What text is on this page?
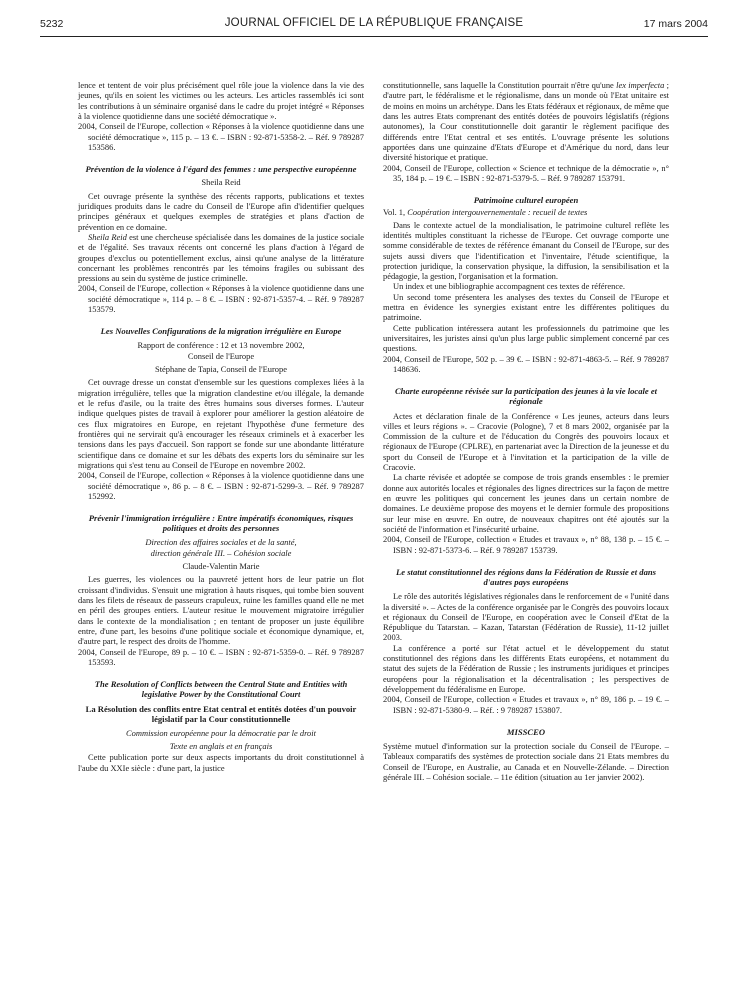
5232	JOURNAL OFFICIEL DE LA RÉPUBLIQUE FRANÇAISE	17 mars 2004

lence et tentent de voir plus précisément quel rôle joue la violence dans la vie des jeunes, qu'ils en soient les victimes ou les acteurs. Les articles rassemblés ici sont les contributions à un séminaire organisé dans le cadre du projet intégré « Réponses à la violence quotidienne dans une société démocratique ».

2004, Conseil de l'Europe, collection « Réponses à la violence quotidienne dans une société démocratique », 115 p. – 13 €. – ISBN : 92-871-5358-2. – Réf. 9 789287 153586.

Prévention de la violence à l'égard des femmes : une perspective européenne
Sheila Reid

Cet ouvrage présente la synthèse des récents rapports, publications et textes juridiques produits dans le cadre du Conseil de l'Europe afin d'identifier quelques principes généraux et quelques exemples de stratégies et plans d'action de prévention en ce domaine.

Sheila Reid est une chercheuse spécialisée dans les domaines de la justice sociale et de l'égalité. Ses travaux récents ont concerné les plans d'action à l'égard de groupes d'exclus ou potentiellement exclus, ainsi qu'une analyse de la littérature concernant les problèmes rencontrés par les témoins fragiles ou subissant des pressions au sein du système de justice criminelle.

2004, Conseil de l'Europe, collection « Réponses à la violence quotidienne dans une société démocratique », 114 p. – 8 €. – ISBN : 92-871-5357-4. – Réf. 9 789287 153579.

Les Nouvelles Configurations de la migration irrégulière en Europe
Rapport de conférence : 12 et 13 novembre 2002,
Conseil de l'Europe
Stéphane de Tapia, Conseil de l'Europe

Cet ouvrage dresse un constat d'ensemble sur les questions complexes liées à la migration irrégulière, telles que la migration clandestine et/ou illégale, la demande et le refus d'asile, ou la traite des êtres humains sous diverses formes. L'auteur indique quelques pistes de travail à explorer pour améliorer la gestion aléatoire de ces flux migratoires en Europe, en rejetant l'hypothèse d'une fermeture des frontières qui ne servirait qu'à encourager les réseaux criminels et à exacerber les tensions dans les pays d'accueil. Son rapport se fonde sur une abondante littérature scientifique dans ce domaine et sur les débats des experts lors du séminaire sur les migrations qui s'est tenu au Conseil de l'Europe en novembre 2002.

2004, Conseil de l'Europe, collection « Réponses à la violence quotidienne dans une société démocratique », 86 p. – 8 €. – ISBN : 92-871-5299-3. – Réf. 9 789287 152992.

Prévenir l'immigration irrégulière : Entre impératifs économiques, risques politiques et droits des personnes
Direction des affaires sociales et de la santé,
direction générale III. – Cohésion sociale
Claude-Valentin Marie

Les guerres, les violences ou la pauvreté jettent hors de leur patrie un flot croissant d'individus. S'ensuit une migration à hauts risques, qui tombe bien souvent dans les filets de réseaux de passeurs crapuleux, ruine les familles quand elle ne met en péril des groupes entiers. L'auteur resitue le mouvement migratoire irrégulier dans le contexte de la mondialisation ; en tentant de proposer un juste équilibre entre, d'une part, les besoins d'une politique sociale et économique dynamique, et, d'autre part, le respect des droits de l'homme.

2004, Conseil de l'Europe, 89 p. – 10 €. – ISBN : 92-871-5359-0. – Réf. 9 789287 153593.

The Resolution of Conflicts between the Central State and Entities with legislative Power by the Constitutional Court
La Résolution des conflits entre Etat central et entités dotées d'un pouvoir législatif par la Cour constitutionnelle
Commission européenne pour la démocratie par le droit
Texte en anglais et en français

Cette publication porte sur deux aspects importants du droit constitutionnel à l'aube du XXIe siècle : d'une part, la justice

constitutionnelle, sans laquelle la Constitution pourrait n'être qu'une lex imperfecta ; d'autre part, le fédéralisme et le régionalisme, dans un monde où l'Etat unitaire est de moins en moins un archétype. Dans les Etats fédéraux et régionaux, de même que dans les autres Etats comprenant des entités dotées de pouvoirs législatifs (régions autonomes), la Cour constitutionnelle doit garantir le règlement pacifique des différends entre l'Etat central et ses entités. L'ouvrage présente les solutions apportées dans une quinzaine d'Etats d'Europe et d'Amérique du nord, dans leur diversité historique et pratique.

2004, Conseil de l'Europe, collection « Science et technique de la démocratie », n° 35, 184 p. – 19 €. – ISBN : 92-871-5379-5. – Réf. 9 789287 153791.

Patrimoine culturel européen

Vol. 1, Coopération intergouvernementale : recueil de textes

Dans le contexte actuel de la mondialisation, le patrimoine culturel reflète les identités multiples constituant la richesse de l'Europe. Cet ouvrage comporte une somme considérable de textes de référence émanant du Conseil de l'Europe, sur des sujets aussi divers que l'identification et l'inventaire, l'étude scientifique, la protection juridique, la conservation physique, la diffusion, la sensibilisation et la pédagogie, la gestion, l'organisation et la formation.

Un index et une bibliographie accompagnent ces textes de référence.

Un second tome présentera les analyses des textes du Conseil de l'Europe et mettra en évidence les synergies existant entre les différentes politiques du patrimoine.

Cette publication intéressera autant les professionnels du patrimoine que les universitaires, les juristes ainsi qu'un plus large public simplement concerné par ces questions.

2004, Conseil de l'Europe, 502 p. – 39 €. – ISBN : 92-871-4863-5. – Réf. 9 789287 148636.

Charte européenne révisée sur la participation des jeunes à la vie locale et régionale

Actes et déclaration finale de la Conférence « Les jeunes, acteurs dans leurs villes et leurs régions ». – Cracovie (Pologne), 7 et 8 mars 2002, organisée par la Commission de la culture et de l'éducation du Congrès des pouvoirs locaux et régionaux de l'Europe (CPLRE), en partenariat avec la Direction de la jeunesse et du sport du Conseil de l'Europe et à l'invitation et la participation de la ville de Cracovie.

La charte révisée et adoptée se compose de trois grands ensembles : le premier donne aux autorités locales et régionales des lignes directrices sur la façon de mettre en œuvre les politiques qui concernent les jeunes dans un certain nombre de domaines. Le deuxième propose des moyens et le dernier formule des propositions sur leur mise en œuvre. En outre, de nouveaux chapitres ont été ajoutés sur la société de l'information et l'insécurité urbaine.

2004, Conseil de l'Europe, collection « Etudes et travaux », n° 88, 138 p. – 15 €. – ISBN : 92-871-5373-6. – Réf. 9 789287 153739.

Le statut constitutionnel des régions dans la Fédération de Russie et dans d'autres pays européens

Le rôle des autorités législatives régionales dans le renforcement de « l'unité dans la diversité ». – Actes de la conférence organisée par le Congrès des pouvoirs locaux et régionaux du Conseil de l'Europe, en coopération avec le Conseil d'Etat de la République du Tatarstan. – Kazan, Tatarstan (Fédération de Russie), 11-12 juillet 2003.

La conférence a porté sur l'état actuel et le développement du statut constitutionnel des régions dans les différents Etats européens, et notamment du statut des sujets de la Fédération de Russie ; les instruments juridiques et principes européens pour la régionalisation et la décentralisation ; les perspectives de développement du fédéralisme en Europe.

2004, Conseil de l'Europe, collection « Etudes et travaux », n° 89, 186 p. – 19 €. – ISBN : 92-871-5380-9. – Réf. : 9 789287 153807.

MISSCEO

Système mutuel d'information sur la protection sociale du Conseil de l'Europe. – Tableaux comparatifs des systèmes de protection sociale dans 21 Etats membres du Conseil de l'Europe, en Australie, au Canada et en Nouvelle-Zélande. – Direction générale III. – Cohésion sociale. – 11e édition (situation au 1er janvier 2002).
